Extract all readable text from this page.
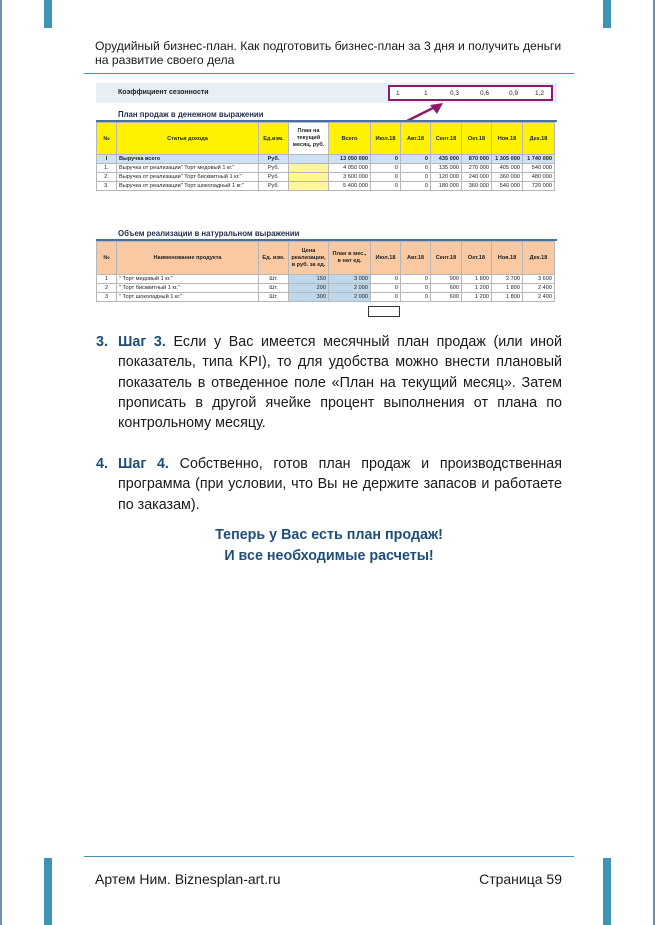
Орудийный бизнес-план. Как подготовить бизнес-план за 3 дня и получить деньги на развитие своего дела
Коэффициент сезонности	1	1	0,3	0,6	0,9	1,2
План продаж в денежном выражении
№	Статья дохода	Ед.изм.	План на текущий месяц, руб.	Всего	Июл.18	Авг.18	Сент.18	Окт.18	Ноя.18	Дек.18
I	Выручка всего	Руб.		13 050 000	0	0	435 000	870 000	1 305 000	1 740 000
1.	Выручка от реализации" Торт медовый 1 кг."	Руб.		4 050 000	0	0	135 000	270 000	405 000	540 000
2.	Выручка от реализации" Торт бисквитный 1 кг."	Руб.		3 600 000	0	0	120 000	240 000	360 000	480 000
3.	Выручка от реализации" Торт шоколадный 1 кг."	Руб.		5 400 000	0	0	180 000	360 000	540 000	720 000
Объем реализации в натуральном выражении
№	Наименование продукта	Ед. изм.	Цена реализации, в руб. за ед.	План в мес., в нат ед.	Июл.18	Авг.18	Сент.18	Окт.18	Ноя.18	Дек.18
1	" Торт медовый 1 кг."	Шт.	150	3 000	0	0	900	1 800	2 700	3 600
2	" Торт бисквитный 1 кг."	Шт.	200	2 000	0	0	600	1 200	1 800	2 400
3	" Торт шоколадный 1 кг."	Шт.	300	2 000	0	0	600	1 200	1 800	2 400
3. Шаг 3. Если у Вас имеется месячный план продаж (или иной показатель, типа KPI), то для удобства можно внести плановый показатель в отведенное поле «План на текущий месяц». Затем прописать в другой ячейке процент выполнения от плана по контрольному месяцу.
4. Шаг 4. Собственно, готов план продаж и производственная программа (при условии, что Вы не держите запасов и работаете по заказам).
Теперь у Вас есть план продаж!
И все необходимые расчеты!
Артем Ним. Biznesplan-art.ru	Страница 59
